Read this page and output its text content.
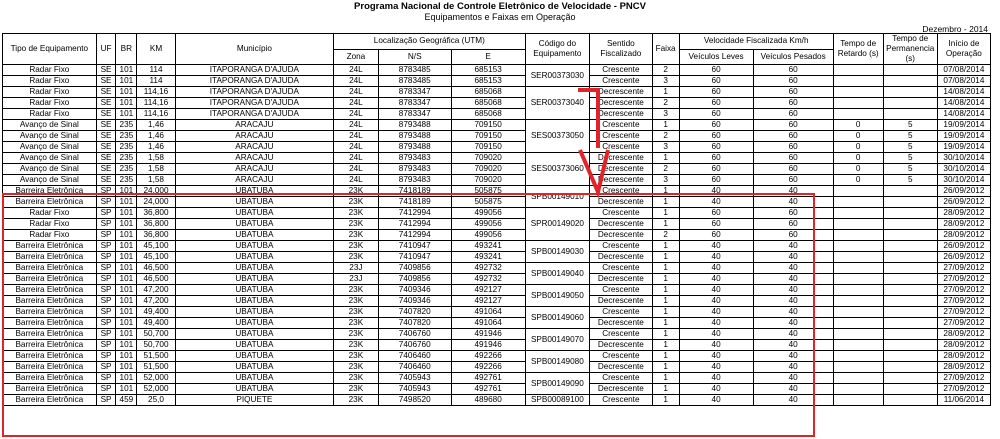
Programa Nacional de Controle Eletrônico de Velocidade - PNCV
Equipamentos e Faixas em Operação
Dezembro - 2014
Tipo de Equipamento	UF	BR	KM	Município	Localização Geográfica (UTM)			Código do Equipamento	Sentido Fiscalizado	Faixa	Velocidade Fiscalizada Km/h		Tempo de Retardo (s)	Tempo de Permanencia (s)	Início de Operação
					Zona	N/S	E				Veículos Leves	Veículos Pesados			
Radar Fixo	SE	101	114	ITAPORANGA D'AJUDA	24L	8783485	685153	SER00373030	Crescente	2	60	60			07/08/2014
Radar Fixo	SE	101	114	ITAPORANGA D'AJUDA	24L	8783485	685153		Crescente	3	60	60			07/08/2014
Radar Fixo	SE	101	114,16	ITAPORANGA D'AJUDA	24L	8783347	685068	SER00373040	Decrescente	1	60	60			14/08/2014
Radar Fixo	SE	101	114,16	ITAPORANGA D'AJUDA	24L	8783347	685068		Decrescente	2	60	60			14/08/2014
Radar Fixo	SE	101	114,16	ITAPORANGA D'AJUDA	24L	8783347	685068		Decrescente	3	60	60			14/08/2014
Avanço de Sinal	SE	235	1,46	ARACAJU	24L	8793488	709150	SES00373050	Crescente	1	60	60	0	5	19/09/2014
Avanço de Sinal	SE	235	1,46	ARACAJU	24L	8793488	709150		Crescente	2	60	60	0	5	19/09/2014
Avanço de Sinal	SE	235	1,46	ARACAJU	24L	8793488	709150		Crescente	3	60	60	0	5	19/09/2014
Avanço de Sinal	SE	235	1,58	ARACAJU	24L	8793483	709020	SES00373060	Decrescente	1	60	60	0	5	30/10/2014
Avanço de Sinal	SE	235	1,58	ARACAJU	24L	8793483	709020		Decrescente	2	60	60	0	5	30/10/2014
Avanço de Sinal	SE	235	1,58	ARACAJU	24L	8793483	709020		Decrescente	3	60	60	0	5	30/10/2014
Barreira Eletrônica	SP	101	24,000	UBATUBA	23K	7418189	505875	SPB00149010	Crescente	1	40	40			26/09/2012
Barreira Eletrônica	SP	101	24,000	UBATUBA	23K	7418189	505875		Decrescente	1	40	40			26/09/2012
Radar Fixo	SP	101	36,800	UBATUBA	23K	7412994	499056	SPR00149020	Crescente	1	60	60			28/09/2012
Radar Fixo	SP	101	36,800	UBATUBA	23K	7412994	499056		Decrescente	1	60	60			28/09/2012
Radar Fixo	SP	101	36,800	UBATUBA	23K	7412994	499056		Decrescente	2	60	60			28/09/2012
Barreira Eletrônica	SP	101	45,100	UBATUBA	23K	7410947	493241	SPB00149030	Crescente	1	40	40			26/09/2012
Barreira Eletrônica	SP	101	45,100	UBATUBA	23K	7410947	493241		Decrescente	1	40	40			26/09/2012
Barreira Eletrônica	SP	101	46,500	UBATUBA	23J	7409856	492732	SPB00149040	Crescente	1	40	40			27/09/2012
Barreira Eletrônica	SP	101	46,500	UBATUBA	23J	7409856	492732		Decrescente	1	40	40			27/09/2012
Barreira Eletrônica	SP	101	47,200	UBATUBA	23K	7409346	492127	SPB00149050	Crescente	1	40	40			27/09/2012
Barreira Eletrônica	SP	101	47,200	UBATUBA	23K	7409346	492127		Decrescente	1	40	40			27/09/2012
Barreira Eletrônica	SP	101	49,400	UBATUBA	23K	7407820	491064	SPB00149060	Crescente	1	40	40			27/09/2012
Barreira Eletrônica	SP	101	49,400	UBATUBA	23K	7407820	491064		Decrescente	1	40	40			27/09/2012
Barreira Eletrônica	SP	101	50,700	UBATUBA	23K	7406760	491946	SPB00149070	Crescente	1	40	40			28/09/2012
Barreira Eletrônica	SP	101	50,700	UBATUBA	23K	7406760	491946		Decrescente	1	40	40			28/09/2012
Barreira Eletrônica	SP	101	51,500	UBATUBA	23K	7406460	492266	SPB00149080	Crescente	1	40	40			28/09/2012
Barreira Eletrônica	SP	101	51,500	UBATUBA	23K	7406460	492266		Decrescente	1	40	40			28/09/2012
Barreira Eletrônica	SP	101	52,000	UBATUBA	23K	7405943	492761	SPB00149090	Crescente	1	40	40			27/09/2012
Barreira Eletrônica	SP	101	52,000	UBATUBA	23K	7405943	492761		Decrescente	1	40	40			27/09/2012
Barreira Eletrônica	SP	459	25,0	PIQUETE	23K	7498520	489680	SPB00089100	Crescente	1	40	40			11/06/2014
